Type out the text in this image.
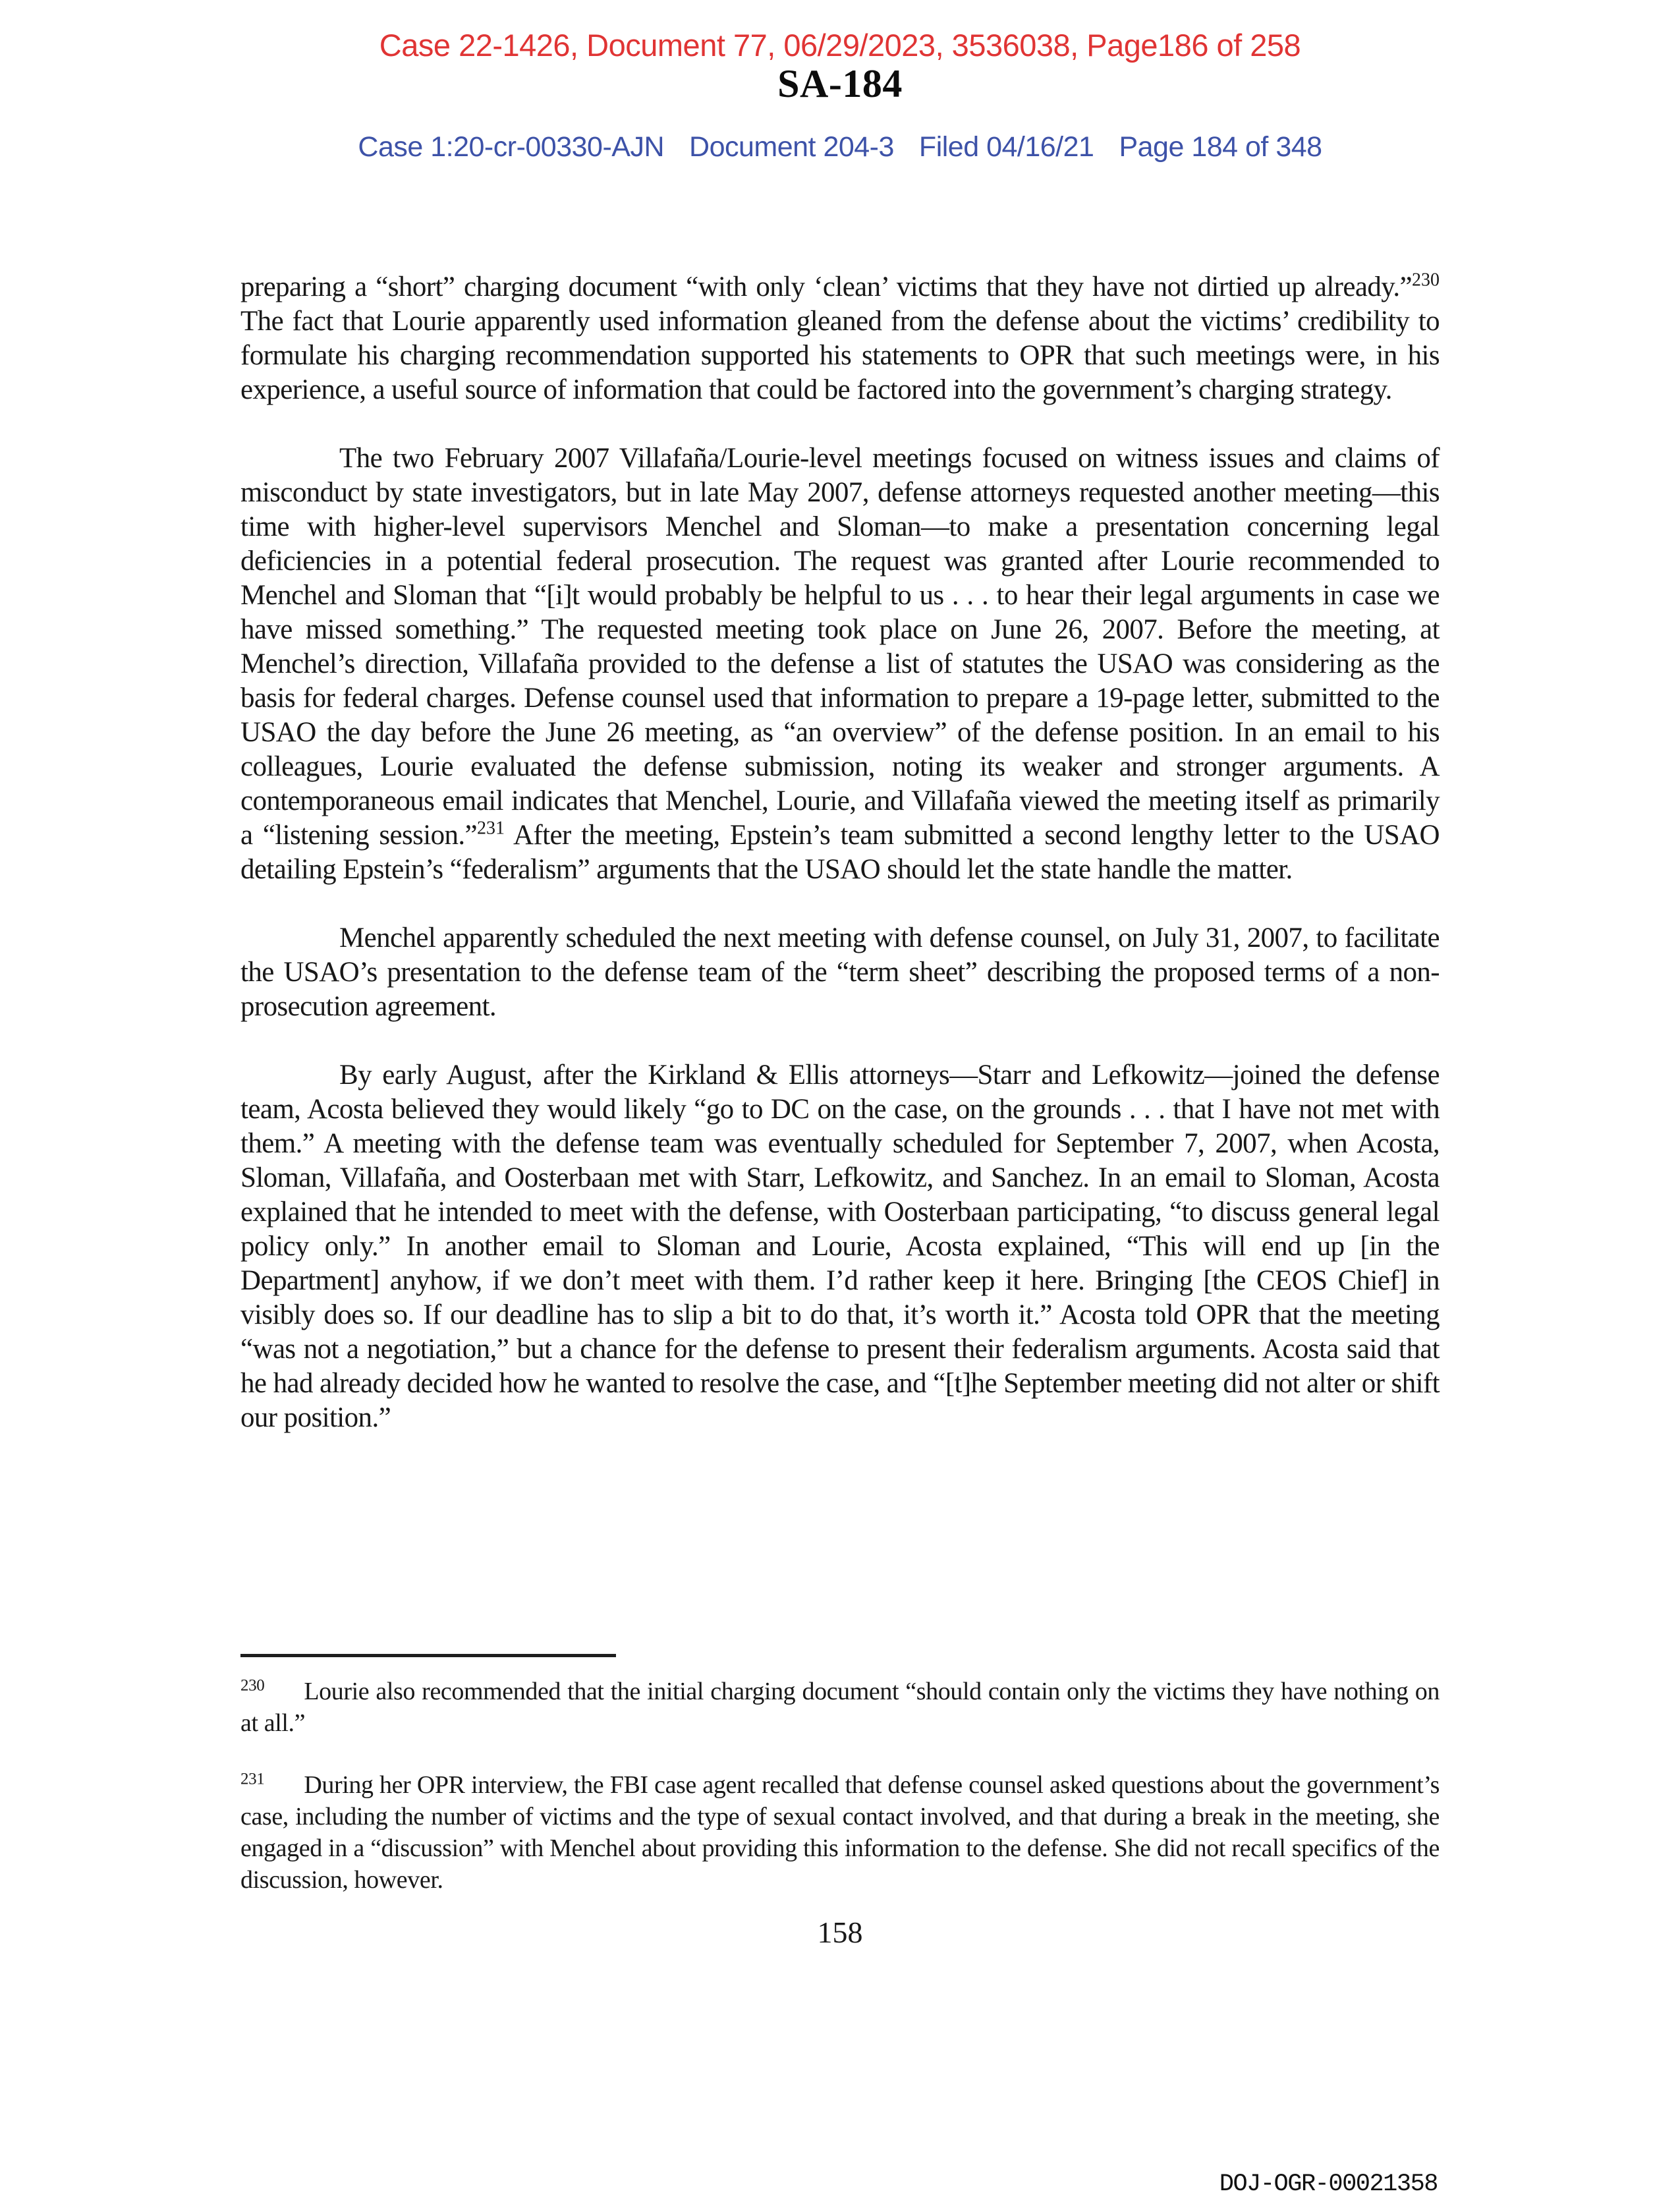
Case 22-1426, Document 77, 06/29/2023, 3536038, Page186 of 258
SA-184
Case 1:20-cr-00330-AJN Document 204-3 Filed 04/16/21 Page 184 of 348

preparing a “short” charging document “with only ‘clean’ victims that they have not dirtied up already.”$^{230}$ The fact that Lourie apparently used information gleaned from the defense about the victims’ credibility to formulate his charging recommendation supported his statements to OPR that such meetings were, in his experience, a useful source of information that could be factored into the government’s charging strategy.

The two February 2007 Villafaña/Lourie-level meetings focused on witness issues and claims of misconduct by state investigators, but in late May 2007, defense attorneys requested another meeting—this time with higher-level supervisors Menchel and Sloman—to make a presentation concerning legal deficiencies in a potential federal prosecution. The request was granted after Lourie recommended to Menchel and Sloman that “[i]t would probably be helpful to us . . . to hear their legal arguments in case we have missed something.” The requested meeting took place on June 26, 2007. Before the meeting, at Menchel’s direction, Villafaña provided to the defense a list of statutes the USAO was considering as the basis for federal charges. Defense counsel used that information to prepare a 19-page letter, submitted to the USAO the day before the June 26 meeting, as “an overview” of the defense position. In an email to his colleagues, Lourie evaluated the defense submission, noting its weaker and stronger arguments. A contemporaneous email indicates that Menchel, Lourie, and Villafaña viewed the meeting itself as primarily a “listening session.”$^{231}$ After the meeting, Epstein’s team submitted a second lengthy letter to the USAO detailing Epstein’s “federalism” arguments that the USAO should let the state handle the matter.

Menchel apparently scheduled the next meeting with defense counsel, on July 31, 2007, to facilitate the USAO’s presentation to the defense team of the “term sheet” describing the proposed terms of a non-prosecution agreement.

By early August, after the Kirkland & Ellis attorneys—Starr and Lefkowitz—joined the defense team, Acosta believed they would likely “go to DC on the case, on the grounds . . . that I have not met with them.” A meeting with the defense team was eventually scheduled for September 7, 2007, when Acosta, Sloman, Villafaña, and Oosterbaan met with Starr, Lefkowitz, and Sanchez. In an email to Sloman, Acosta explained that he intended to meet with the defense, with Oosterbaan participating, “to discuss general legal policy only.” In another email to Sloman and Lourie, Acosta explained, “This will end up [in the Department] anyhow, if we don’t meet with them. I’d rather keep it here. Bringing [the CEOS Chief] in visibly does so. If our deadline has to slip a bit to do that, it’s worth it.” Acosta told OPR that the meeting “was not a negotiation,” but a chance for the defense to present their federalism arguments. Acosta said that he had already decided how he wanted to resolve the case, and “[t]he September meeting did not alter or shift our position.”

$^{230}$ Lourie also recommended that the initial charging document “should contain only the victims they have nothing on at all.”

$^{231}$ During her OPR interview, the FBI case agent recalled that defense counsel asked questions about the government’s case, including the number of victims and the type of sexual contact involved, and that during a break in the meeting, she engaged in a “discussion” with Menchel about providing this information to the defense. She did not recall specifics of the discussion, however.

158
DOJ-OGR-00021358
